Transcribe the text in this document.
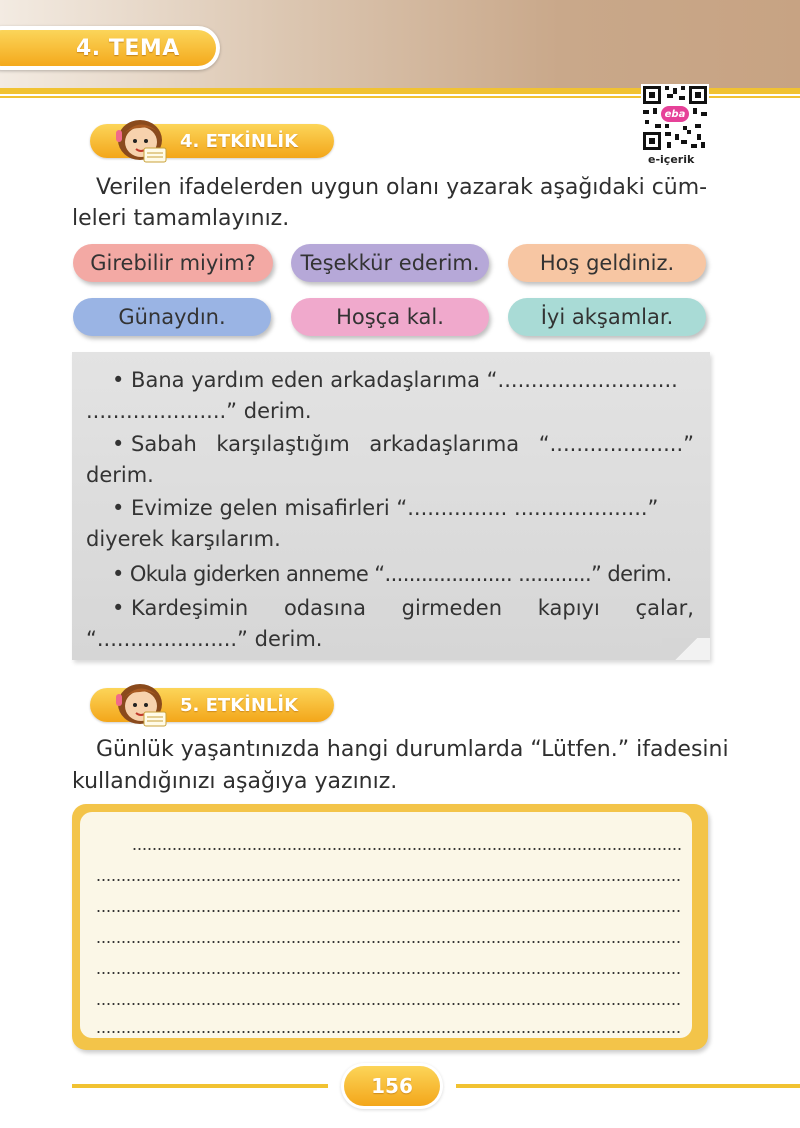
4. TEMA
eba
e-içerik
4. ETKİNLİK
Verilen ifadelerden uygun olanı yazarak aşağıdaki cüm-
leleri tamamlayınız.
Girebilir miyim?	Teşekkür ederim.	Hoş geldiniz.
Günaydın.	Hoşça kal.	İyi akşamlar.
• Bana yardım eden arkadaşlarıma “...........................
.....................” derim.
• Sabah karşılaştığım arkadaşlarıma “....................”
derim.
• Evimize gelen misafirleri “............... ....................”
diyerek karşılarım.
• Okula giderken anneme “..................... ............” derim.
• Kardeşimin odasına girmeden kapıyı çalar,
“.....................” derim.
5. ETKİNLİK
Günlük yaşantınızda hangi durumlarda “Lütfen.” ifadesini
kullandığınızı aşağıya yazınız.
156
